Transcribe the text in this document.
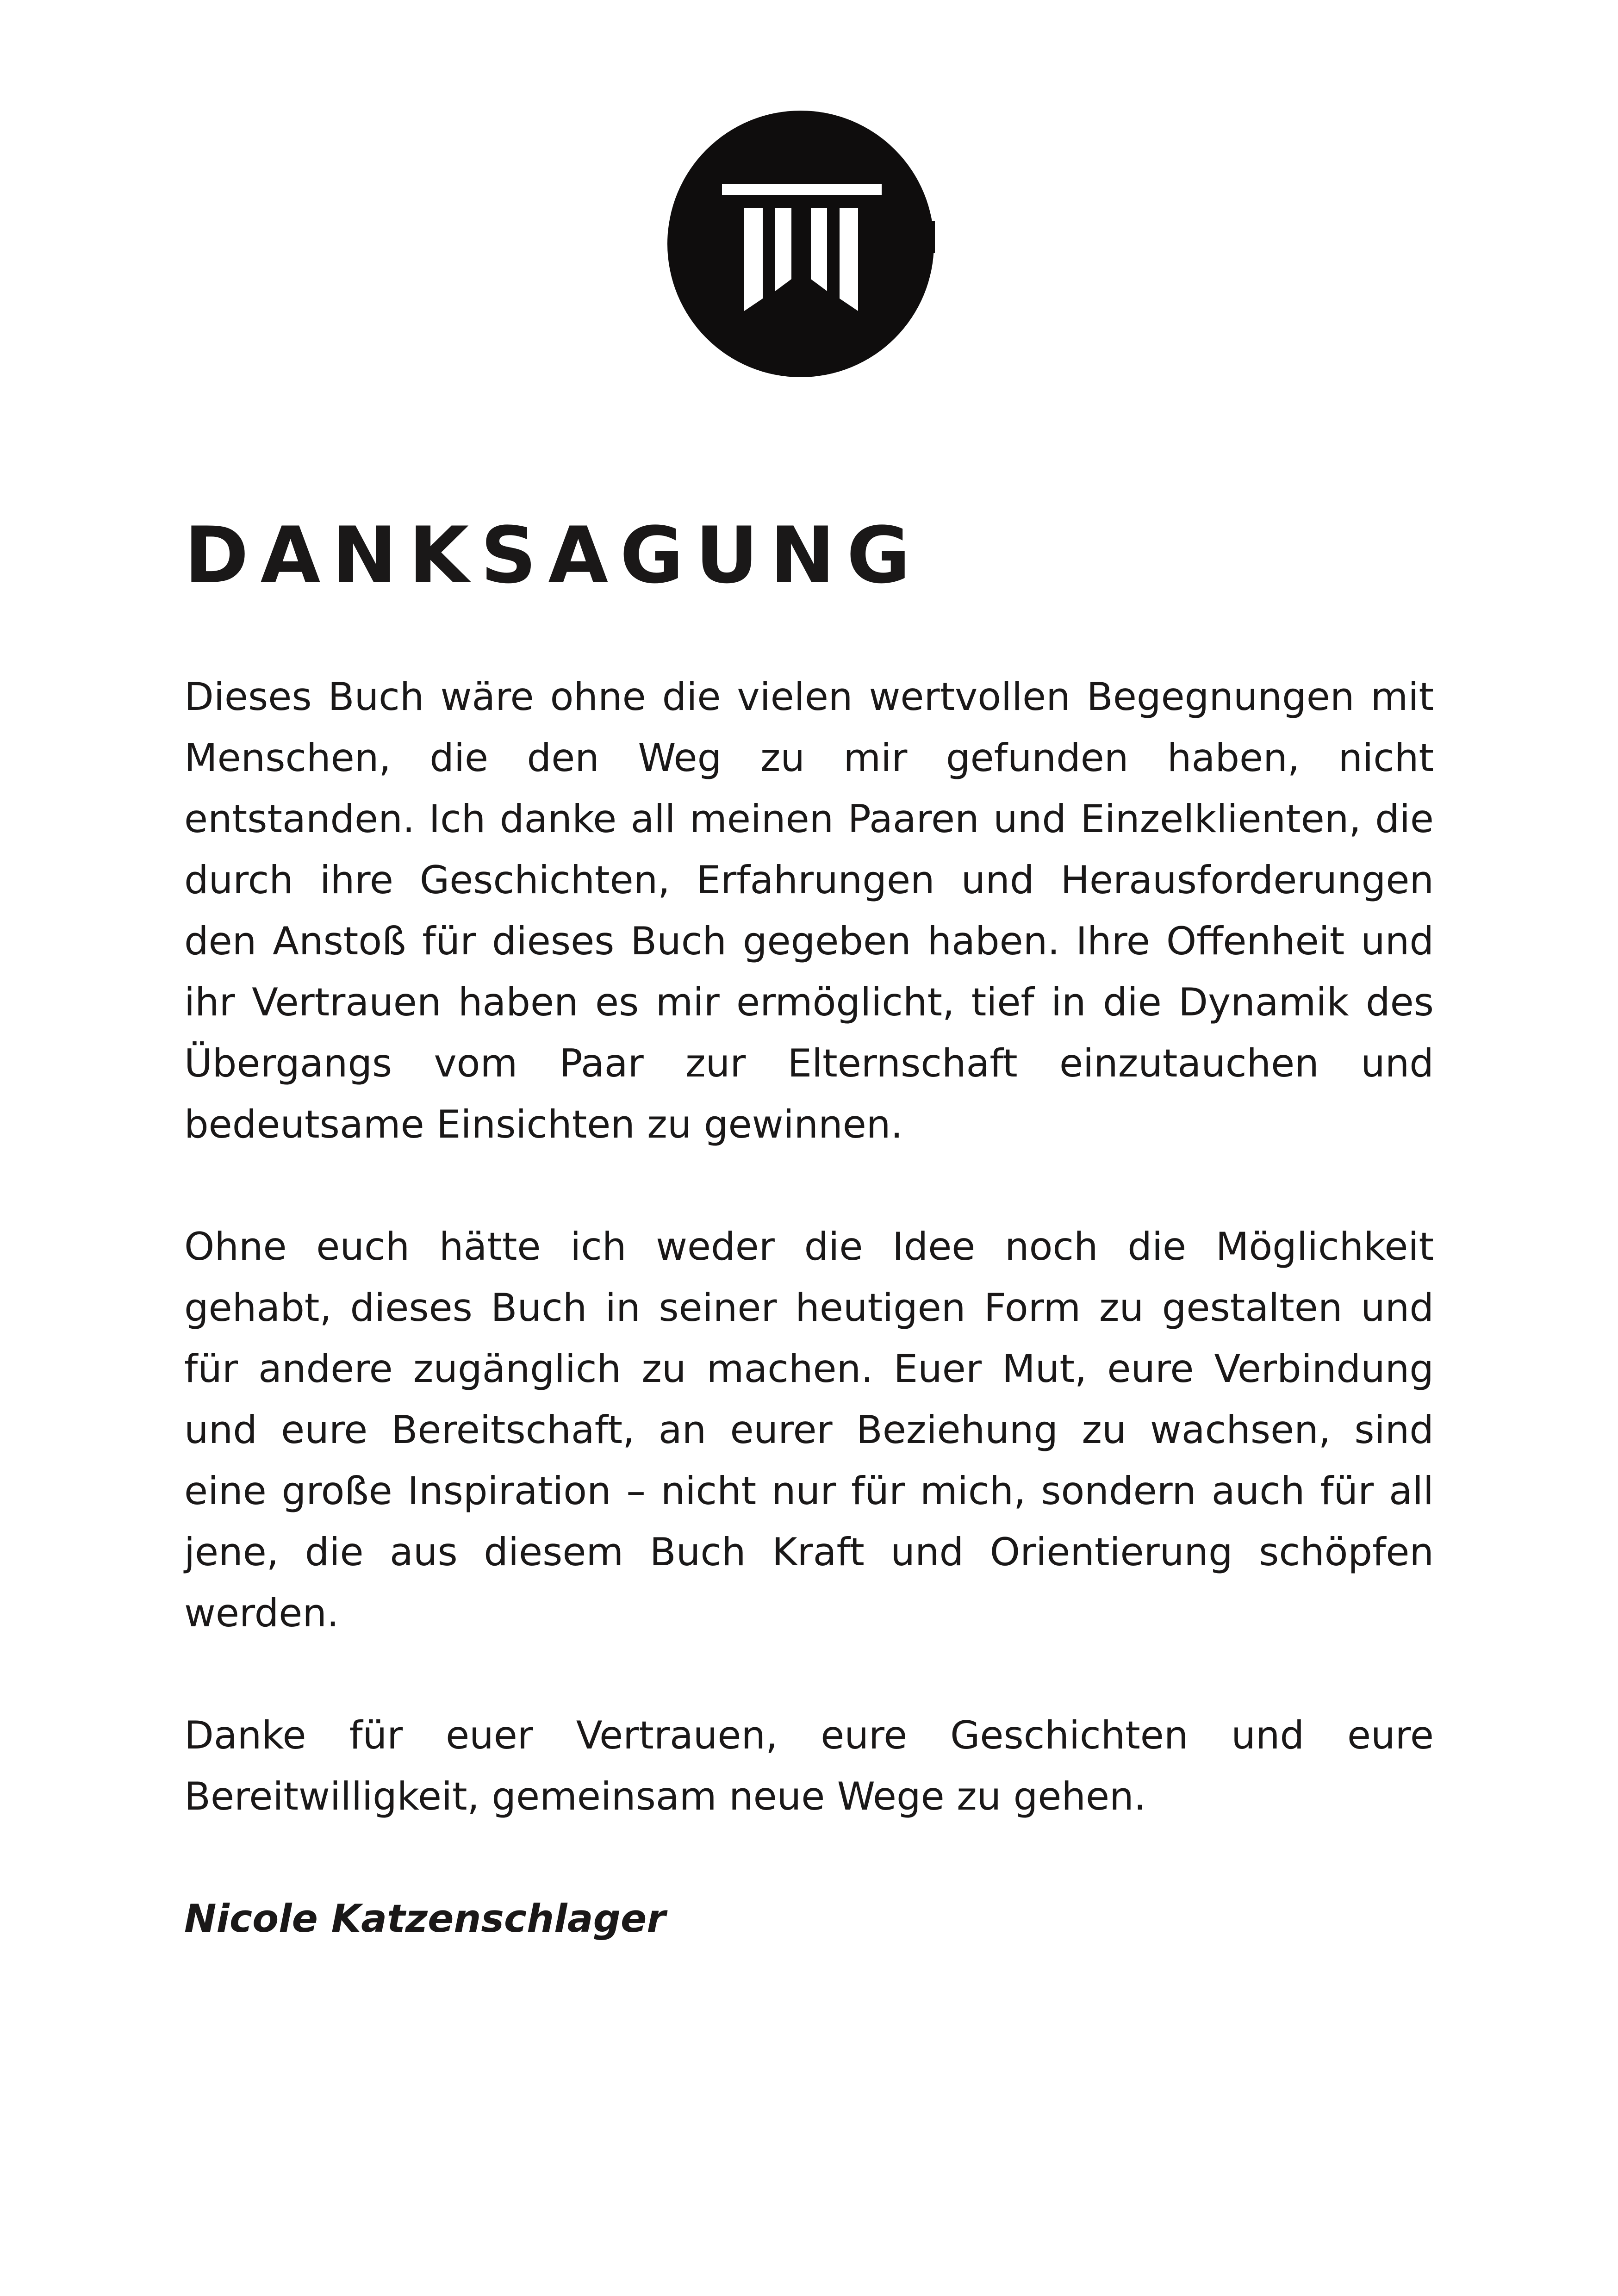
DANKSAGUNG

Dieses Buch wäre ohne die vielen wertvollen Begegnungen mit Menschen, die den Weg zu mir gefunden haben, nicht entstanden. Ich danke all meinen Paaren und Einzelklienten, die durch ihre Geschichten, Erfahrungen und Herausforderungen den Anstoß für dieses Buch gegeben haben. Ihre Offenheit und ihr Vertrauen haben es mir ermöglicht, tief in die Dynamik des Übergangs vom Paar zur Elternschaft einzutauchen und bedeutsame Einsichten zu gewinnen.

Ohne euch hätte ich weder die Idee noch die Möglichkeit gehabt, dieses Buch in seiner heutigen Form zu gestalten und für andere zugänglich zu machen. Euer Mut, eure Verbindung und eure Bereitschaft, an eurer Beziehung zu wachsen, sind eine große Inspiration – nicht nur für mich, sondern auch für all jene, die aus diesem Buch Kraft und Orientierung schöpfen werden.

Danke für euer Vertrauen, eure Geschichten und eure Bereitwilligkeit, gemeinsam neue Wege zu gehen.

Nicole Katzenschlager
